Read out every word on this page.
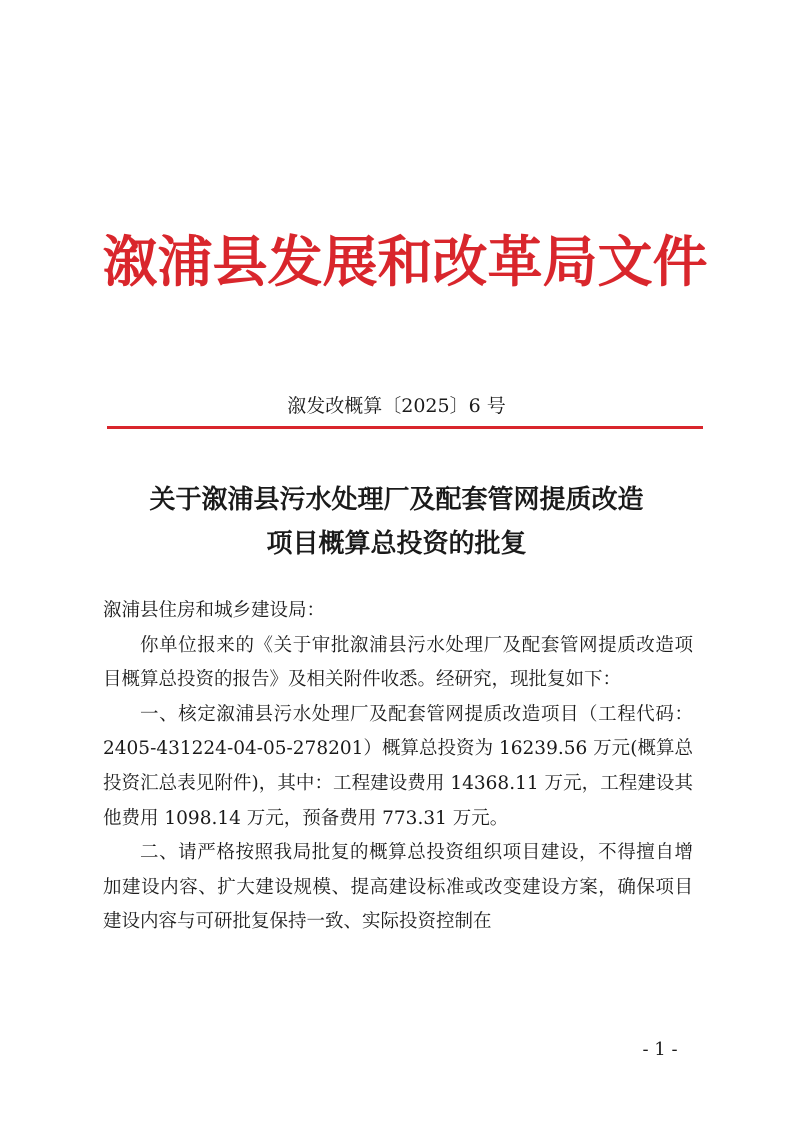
溆浦县发展和改革局文件
溆发改概算〔2025〕6 号
关于溆浦县污水处理厂及配套管网提质改造
项目概算总投资的批复

溆浦县住房和城乡建设局：

你单位报来的《关于审批溆浦县污水处理厂及配套管网提质改造项目概算总投资的报告》及相关附件收悉。经研究，现批复如下：

一、核定溆浦县污水处理厂及配套管网提质改造项目（工程代码：2405-431224-04-05-278201）概算总投资为 16239.56 万元(概算总投资汇总表见附件)，其中：工程建设费用 14368.11 万元，工程建设其他费用 1098.14 万元，预备费用 773.31 万元。

二、请严格按照我局批复的概算总投资组织项目建设，不得擅自增加建设内容、扩大建设规模、提高建设标准或改变建设方案，确保项目建设内容与可研批复保持一致、实际投资控制在

- 1 -
